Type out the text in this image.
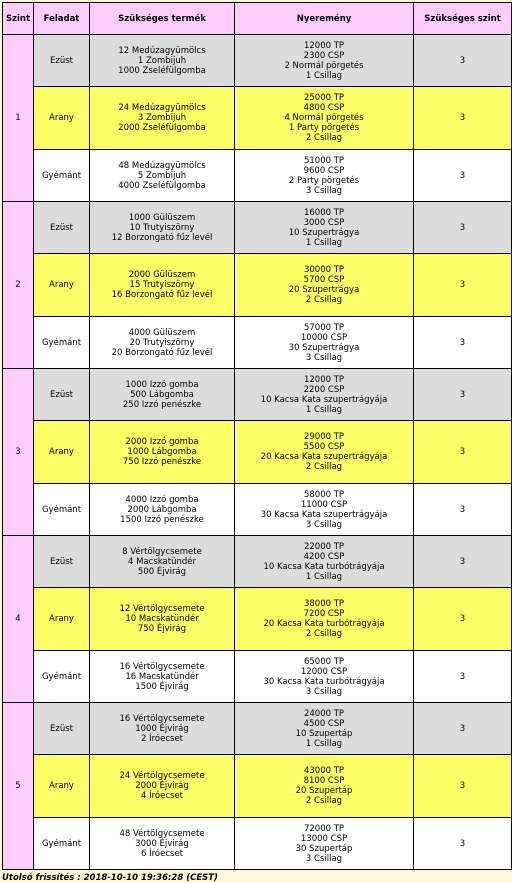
Szint	Feladat	Szükséges termék	Nyeremény	Szükséges szint
1	Ezüst	12 Medúzagyümölcs
1 Zombijuh
1000 Zseléfülgomba	12000 TP
2300 CSP
2 Normál pörgetés
1 Csillag	3
	Arany	24 Medúzagyümölcs
3 Zombijuh
2000 Zseléfülgomba	25000 TP
4800 CSP
4 Normál pörgetés
1 Party pörgetés
2 Csillag	3
	Gyémánt	48 Medúzagyümölcs
5 Zombijuh
4000 Zseléfülgomba	51000 TP
9600 CSP
2 Party pörgetés
3 Csillag	3
2	Ezüst	1000 Gülüszem
10 Trutyiszörny
12 Borzongató fűz levél	16000 TP
3000 CSP
10 Szupertrágya
1 Csillag	3
	Arany	2000 Gülüszem
15 Trutyiszörny
16 Borzongató fűz levél	30000 TP
5700 CSP
20 Szupertrágya
2 Csillag	3
	Gyémánt	4000 Gülüszem
20 Trutyiszörny
20 Borzongató fűz levél	57000 TP
10000 CSP
30 Szupertrágya
3 Csillag	3
3	Ezüst	1000 Izzó gomba
500 Lábgomba
250 Izzó penészke	12000 TP
2200 CSP
10 Kacsa Kata szupertrágyája
1 Csillag	3
	Arany	2000 Izzó gomba
1000 Lábgomba
750 Izzó penészke	29000 TP
5500 CSP
20 Kacsa Kata szupertrágyája
2 Csillag	3
	Gyémánt	4000 Izzó gomba
2000 Lábgomba
1500 Izzó penészke	58000 TP
11000 CSP
30 Kacsa Kata szupertrágyája
3 Csillag	3
4	Ezüst	8 Vértölgycsemete
4 Macskatündér
500 Éjvirág	22000 TP
4200 CSP
10 Kacsa Kata turbótrágyája
1 Csillag	3
	Arany	12 Vértölgycsemete
10 Macskatündér
750 Éjvirág	38000 TP
7200 CSP
20 Kacsa Kata turbótrágyája
2 Csillag	3
	Gyémánt	16 Vértölgycsemete
16 Macskatündér
1500 Éjvirág	65000 TP
12000 CSP
30 Kacsa Kata turbótrágyája
3 Csillag	3
5	Ezüst	16 Vértölgycsemete
1000 Éjvirág
2 Íróecset	24000 TP
4500 CSP
10 Szupertáp
1 Csillag	3
	Arany	24 Vértölgycsemete
2000 Éjvirág
4 Íróecset	43000 TP
8100 CSP
20 Szupertáp
2 Csillag	3
	Gyémánt	48 Vértölgycsemete
3000 Éjvirág
6 Íróecset	72000 TP
13000 CSP
30 Szupertáp
3 Csillag	3
Utolsó frissítés : 2018-10-10 19:36:28 (CEST)
